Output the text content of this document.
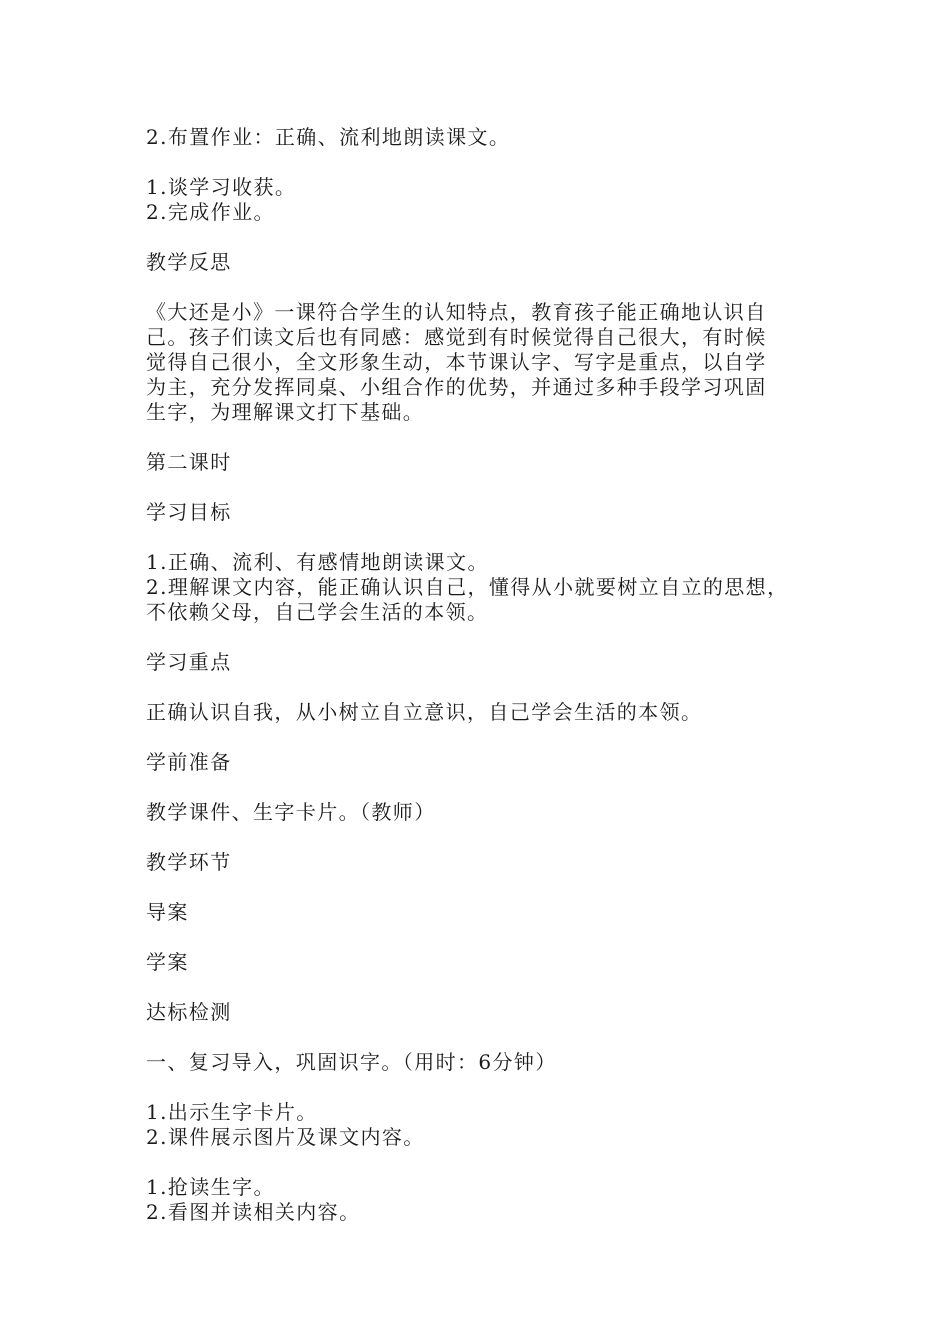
2.布置作业：正确、流利地朗读课文。
1.谈学习收获。
2.完成作业。
教学反思
《大还是小》一课符合学生的认知特点，教育孩子能正确地认识自
己。孩子们读文后也有同感：感觉到有时候觉得自己很大，有时候
觉得自己很小，全文形象生动，本节课认字、写字是重点，以自学
为主，充分发挥同桌、小组合作的优势，并通过多种手段学习巩固
生字，为理解课文打下基础。
第二课时
学习目标
1.正确、流利、有感情地朗读课文。
2.理解课文内容，能正确认识自己，懂得从小就要树立自立的思想，
不依赖父母，自己学会生活的本领。
学习重点
正确认识自我，从小树立自立意识，自己学会生活的本领。
学前准备
教学课件、生字卡片。（教师）
教学环节
导案
学案
达标检测
一、复习导入，巩固识字。（用时：6分钟）
1.出示生字卡片。
2.课件展示图片及课文内容。
1.抢读生字。
2.看图并读相关内容。
